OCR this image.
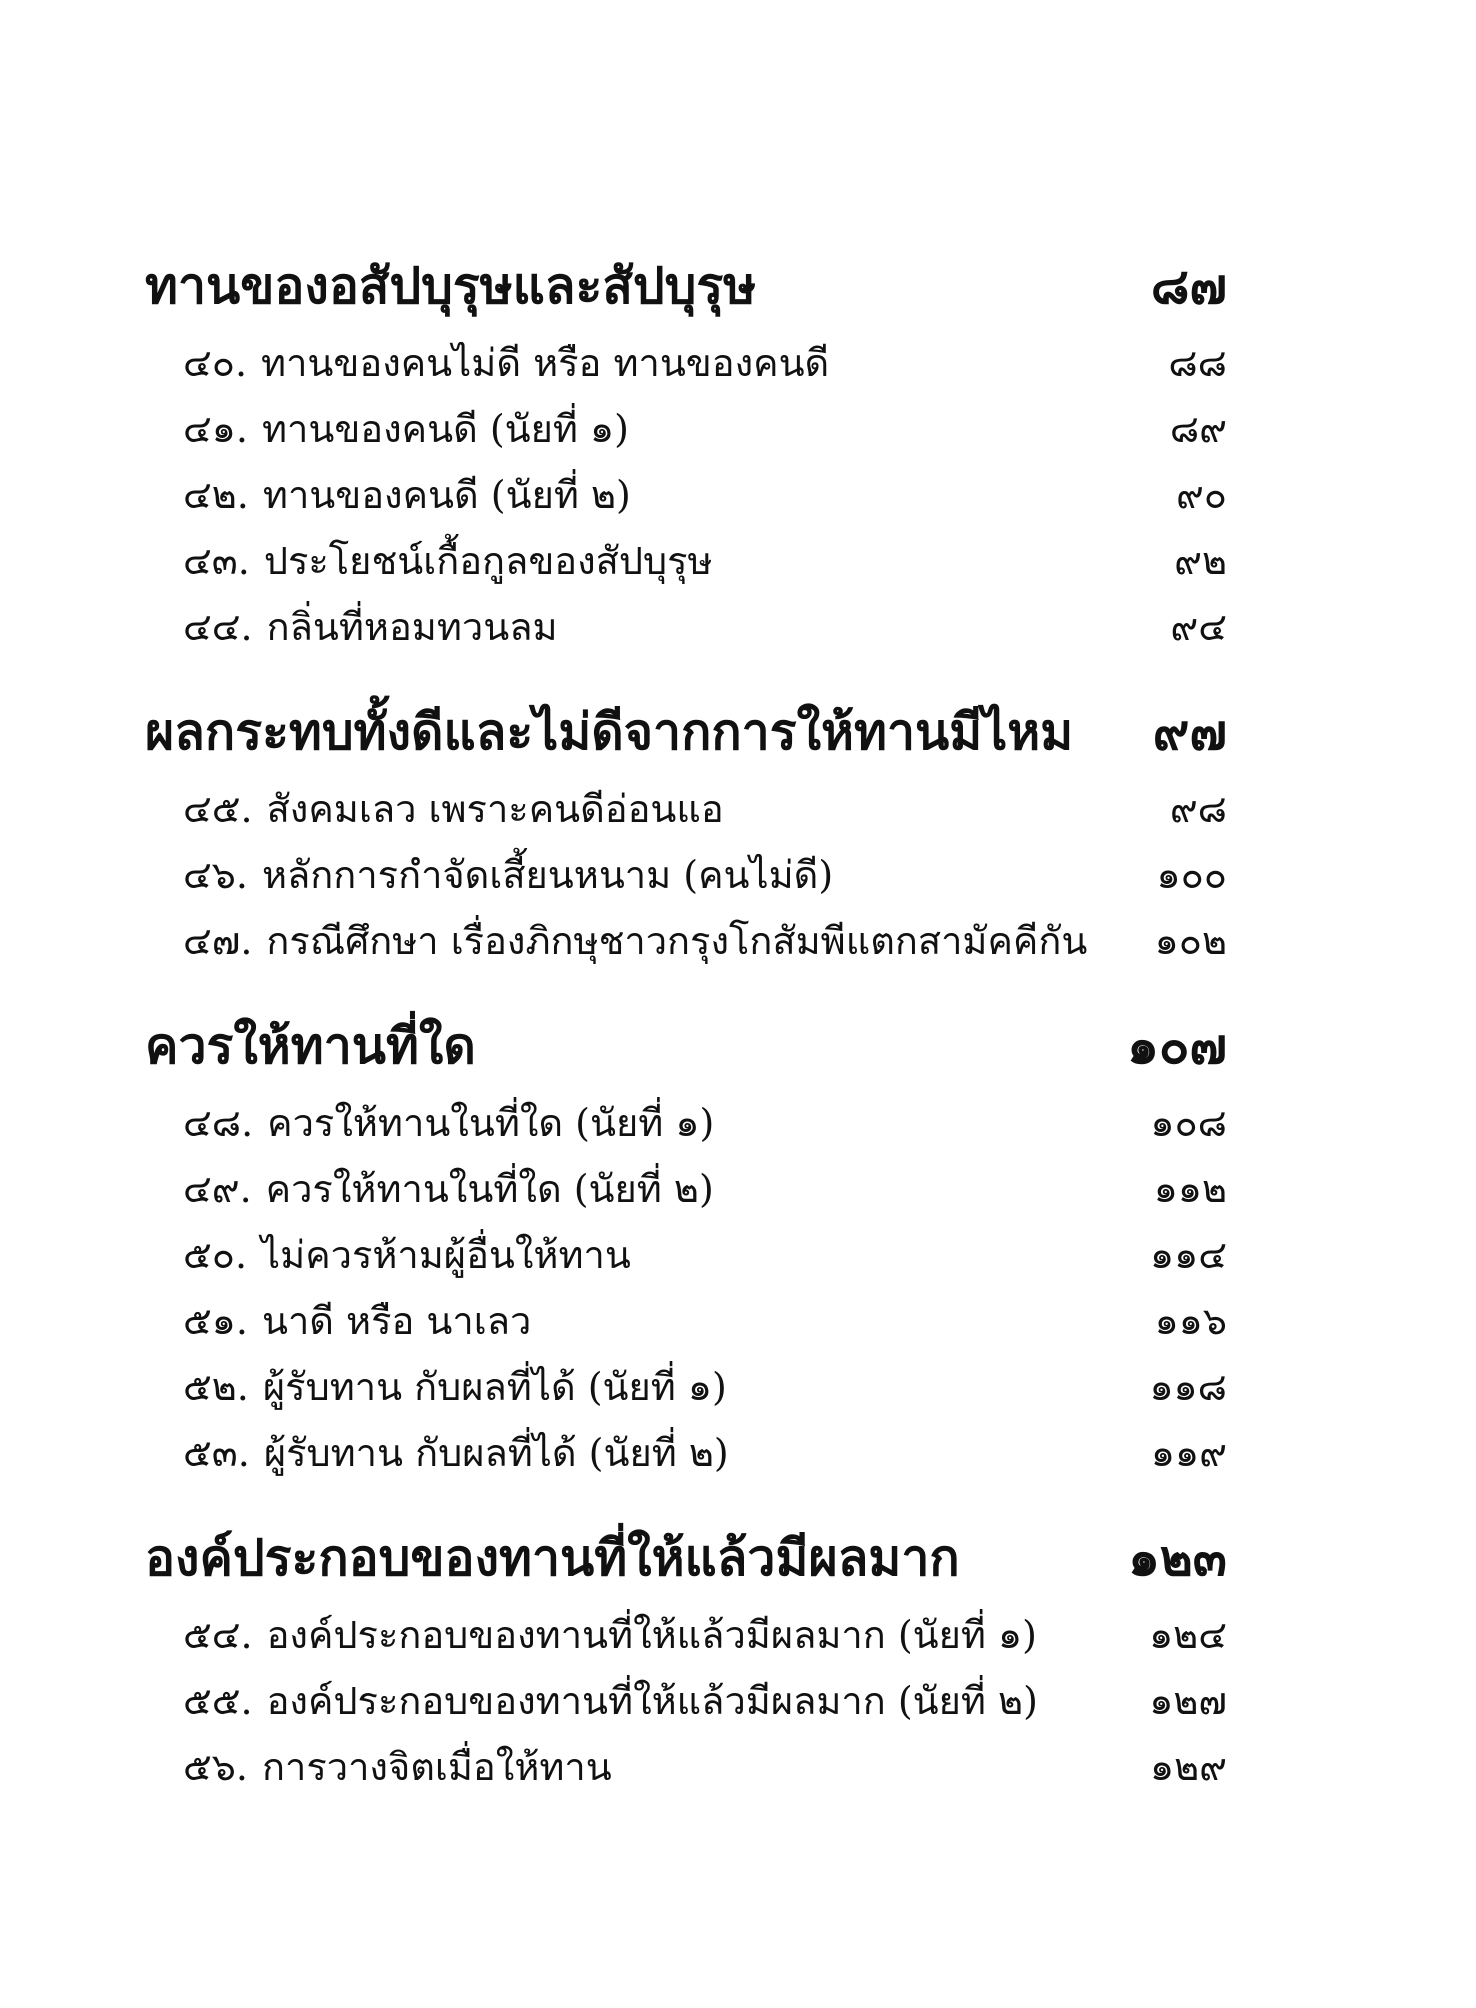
ทานของอสัปบุรุษและสัปบุรุษ	๘๗
๔๐. ทานของคนไม่ดี หรือ ทานของคนดี	๘๘
๔๑. ทานของคนดี (นัยที่ ๑)	๘๙
๔๒. ทานของคนดี (นัยที่ ๒)	๙๐
๔๓. ประโยชน์เกื้อกูลของสัปบุรุษ	๙๒
๔๔. กลิ่นที่หอมทวนลม	๙๔
ผลกระทบทั้งดีและไม่ดีจากการให้ทานมีไหม ๙๗
๔๕. สังคมเลว เพราะคนดีอ่อนแอ	๙๘
๔๖. หลักการกำจัดเสี้ยนหนาม (คนไม่ดี)	๑๐๐
๔๗. กรณีศึกษา เรื่องภิกษุชาวกรุงโกสัมพีแตกสามัคคีกัน ๑๐๒
ควรให้ทานที่ใด	๑๐๗
๔๘. ควรให้ทานในที่ใด (นัยที่ ๑)	๑๐๘
๔๙. ควรให้ทานในที่ใด (นัยที่ ๒)	๑๑๒
๕๐. ไม่ควรห้ามผู้อื่นให้ทาน	๑๑๔
๕๑. นาดี หรือ นาเลว	๑๑๖
๕๒. ผู้รับทาน กับผลที่ได้ (นัยที่ ๑)	๑๑๘
๕๓. ผู้รับทาน กับผลที่ได้ (นัยที่ ๒)	๑๑๙
องค์ประกอบของทานที่ให้แล้วมีผลมาก	๑๒๓
๕๔. องค์ประกอบของทานที่ให้แล้วมีผลมาก (นัยที่ ๑)	๑๒๔
๕๕. องค์ประกอบของทานที่ให้แล้วมีผลมาก (นัยที่ ๒)	๑๒๗
๕๖. การวางจิตเมื่อให้ทาน	๑๒๙
